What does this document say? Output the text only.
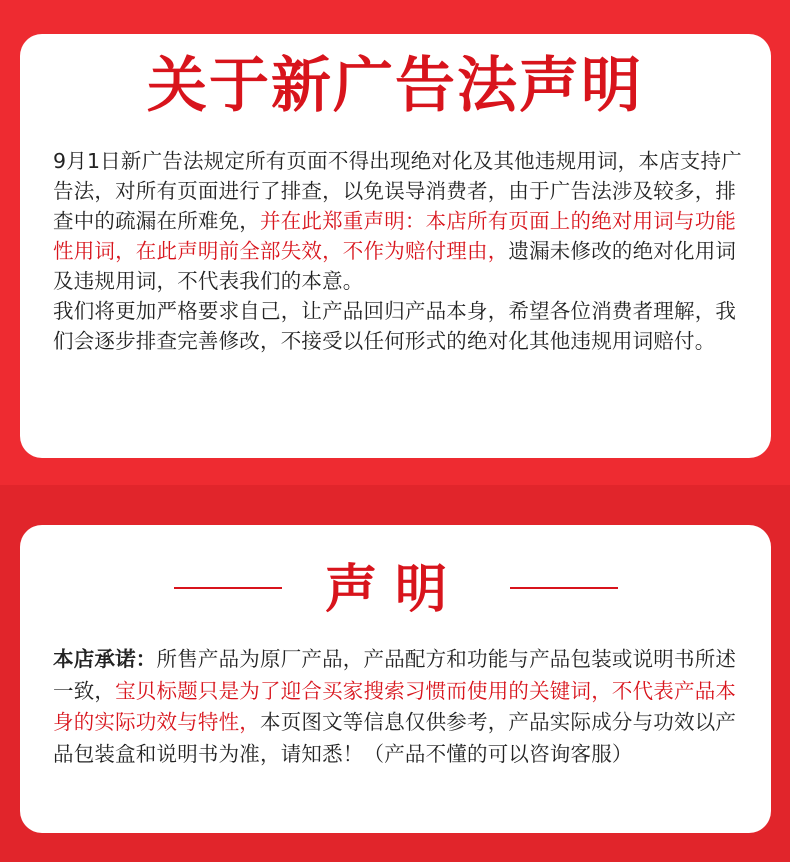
关于新广告法声明

9月1日新广告法规定所有页面不得出现绝对化及其他违规用词，本店支持广告法，对所有页面进行了排查，以免误导消费者，由于广告法涉及较多，排查中的疏漏在所难免，并在此郑重声明：本店所有页面上的绝对用词与功能性用词，在此声明前全部失效，不作为赔付理由，遗漏未修改的绝对化用词及违规用词，不代表我们的本意。

我们将更加严格要求自己，让产品回归产品本身，希望各位消费者理解，我们会逐步排查完善修改，不接受以任何形式的绝对化其他违规用词赔付。

声明

本店承诺：所售产品为原厂产品，产品配方和功能与产品包装或说明书所述一致，宝贝标题只是为了迎合买家搜索习惯而使用的关键词，不代表产品本身的实际功效与特性，本页图文等信息仅供参考，产品实际成分与功效以产品包装盒和说明书为准，请知悉！（产品不懂的可以咨询客服）
